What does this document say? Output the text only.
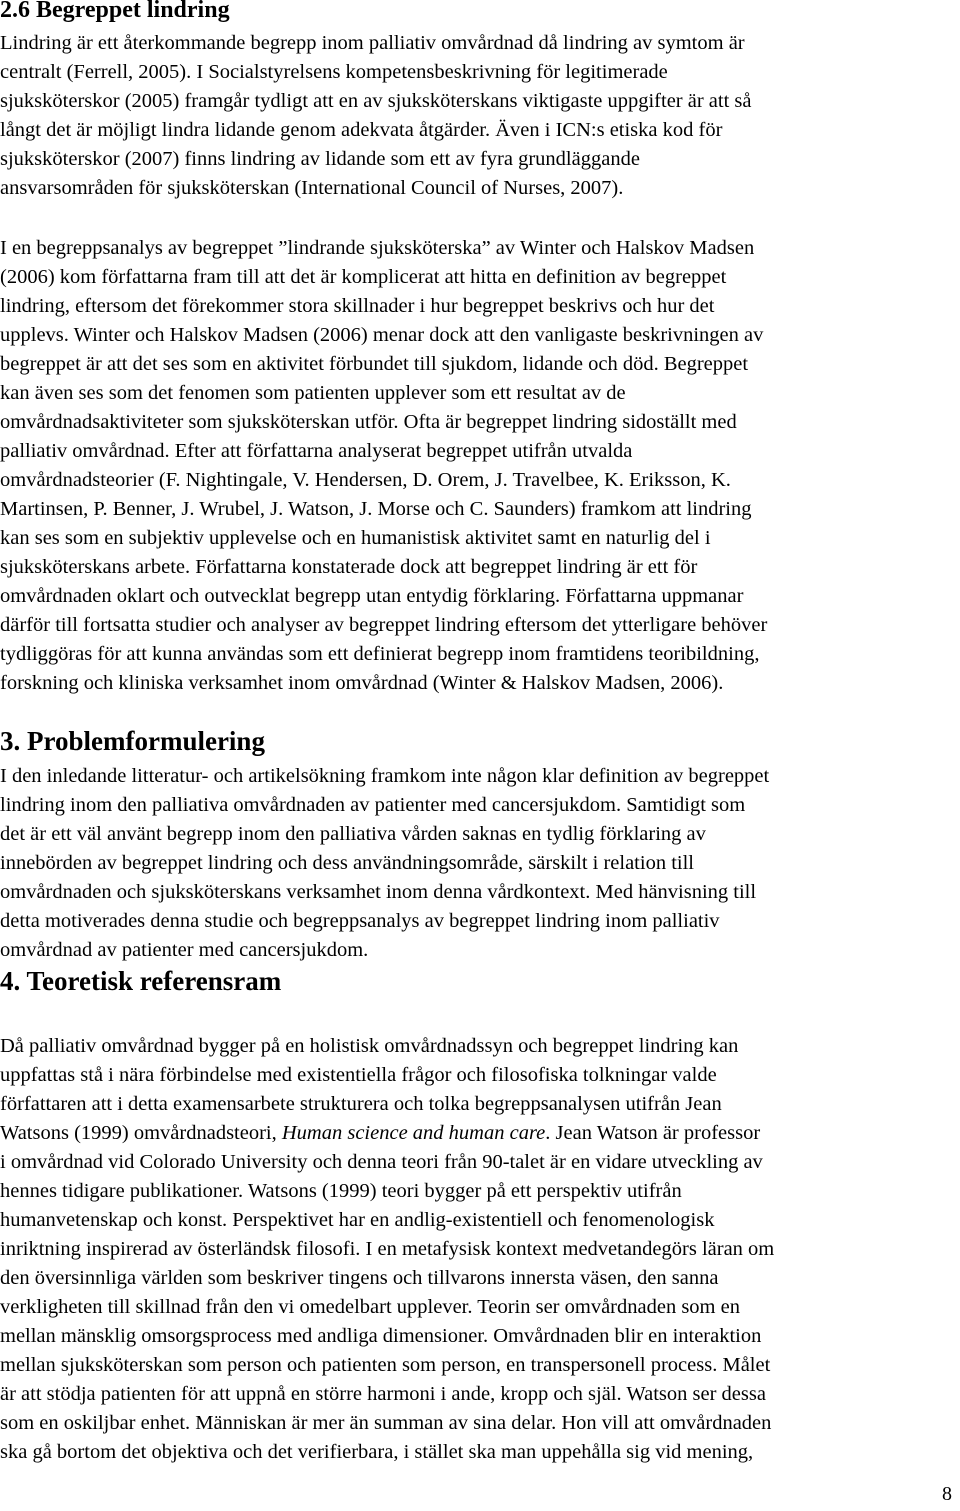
2.6 Begreppet lindring
Lindring är ett återkommande begrepp inom palliativ omvårdnad då lindring av symtom är
centralt (Ferrell, 2005). I Socialstyrelsens kompetensbeskrivning för legitimerade
sjuksköterskor (2005) framgår tydligt att en av sjuksköterskans viktigaste uppgifter är att så
långt det är möjligt lindra lidande genom adekvata åtgärder. Även i ICN:s etiska kod för
sjuksköterskor (2007) finns lindring av lidande som ett av fyra grundläggande
ansvarsområden för sjuksköterskan (International Council of Nurses, 2007).
I en begreppsanalys av begreppet ”lindrande sjuksköterska” av Winter och Halskov Madsen
(2006) kom författarna fram till att det är komplicerat att hitta en definition av begreppet
lindring, eftersom det förekommer stora skillnader i hur begreppet beskrivs och hur det
upplevs. Winter och Halskov Madsen (2006) menar dock att den vanligaste beskrivningen av
begreppet är att det ses som en aktivitet förbundet till sjukdom, lidande och död. Begreppet
kan även ses som det fenomen som patienten upplever som ett resultat av de
omvårdnadsaktiviteter som sjuksköterskan utför. Ofta är begreppet lindring sidoställt med
palliativ omvårdnad. Efter att författarna analyserat begreppet utifrån utvalda
omvårdnadsteorier (F. Nightingale, V. Hendersen, D. Orem, J. Travelbee, K. Eriksson, K.
Martinsen, P. Benner, J. Wrubel, J. Watson, J. Morse och C. Saunders) framkom att lindring
kan ses som en subjektiv upplevelse och en humanistisk aktivitet samt en naturlig del i
sjuksköterskans arbete. Författarna konstaterade dock att begreppet lindring är ett för
omvårdnaden oklart och outvecklat begrepp utan entydig förklaring. Författarna uppmanar
därför till fortsatta studier och analyser av begreppet lindring eftersom det ytterligare behöver
tydliggöras för att kunna användas som ett definierat begrepp inom framtidens teoribildning,
forskning och kliniska verksamhet inom omvårdnad (Winter & Halskov Madsen, 2006).
3. Problemformulering
I den inledande litteratur- och artikelsökning framkom inte någon klar definition av begreppet
lindring inom den palliativa omvårdnaden av patienter med cancersjukdom. Samtidigt som
det är ett väl använt begrepp inom den palliativa vården saknas en tydlig förklaring av
innebörden av begreppet lindring och dess användningsområde, särskilt i relation till
omvårdnaden och sjuksköterskans verksamhet inom denna vårdkontext. Med hänvisning till
detta motiverades denna studie och begreppsanalys av begreppet lindring inom palliativ
omvårdnad av patienter med cancersjukdom.
4. Teoretisk referensram
Då palliativ omvårdnad bygger på en holistisk omvårdnadssyn och begreppet lindring kan
uppfattas stå i nära förbindelse med existentiella frågor och filosofiska tolkningar valde
författaren att i detta examensarbete strukturera och tolka begreppsanalysen utifrån Jean
Watsons (1999) omvårdnadsteori, Human science and human care. Jean Watson är professor
i omvårdnad vid Colorado University och denna teori från 90-talet är en vidare utveckling av
hennes tidigare publikationer. Watsons (1999) teori bygger på ett perspektiv utifrån
humanvetenskap och konst. Perspektivet har en andlig-existentiell och fenomenologisk
inriktning inspirerad av österländsk filosofi. I en metafysisk kontext medvetandegörs läran om
den översinnliga världen som beskriver tingens och tillvarons innersta väsen, den sanna
verkligheten till skillnad från den vi omedelbart upplever. Teorin ser omvårdnaden som en
mellan mänsklig omsorgsprocess med andliga dimensioner. Omvårdnaden blir en interaktion
mellan sjuksköterskan som person och patienten som person, en transpersonell process. Målet
är att stödja patienten för att uppnå en större harmoni i ande, kropp och själ. Watson ser dessa
som en oskiljbar enhet. Människan är mer än summan av sina delar. Hon vill att omvårdnaden
ska gå bortom det objektiva och det verifierbara, i stället ska man uppehålla sig vid mening,
8
